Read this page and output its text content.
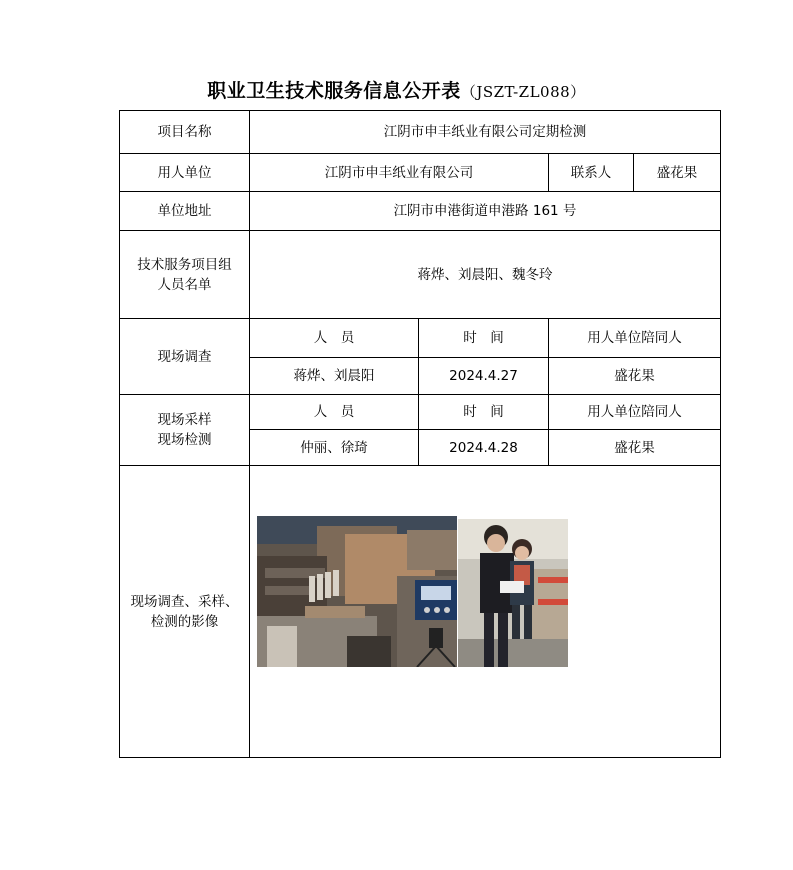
职业卫生技术服务信息公开表（JSZT-ZL088）
项目名称	江阴市申丰纸业有限公司定期检测			
用人单位	江阴市申丰纸业有限公司		联系人	盛花果
单位地址	江阴市申港街道申港路 161 号			

技术服务项目组
人员名单	蒋烨、刘晨阳、魏冬玲			
现场调查	人　员	时　间	用人单位陪同人	
	蒋烨、刘晨阳	2024.4.27	盛花果	

现场采样
现场检测	人　员	时　间	用人单位陪同人	
	仲丽、徐琦	2024.4.28	盛花果	

现场调查、采样、
检测的影像
